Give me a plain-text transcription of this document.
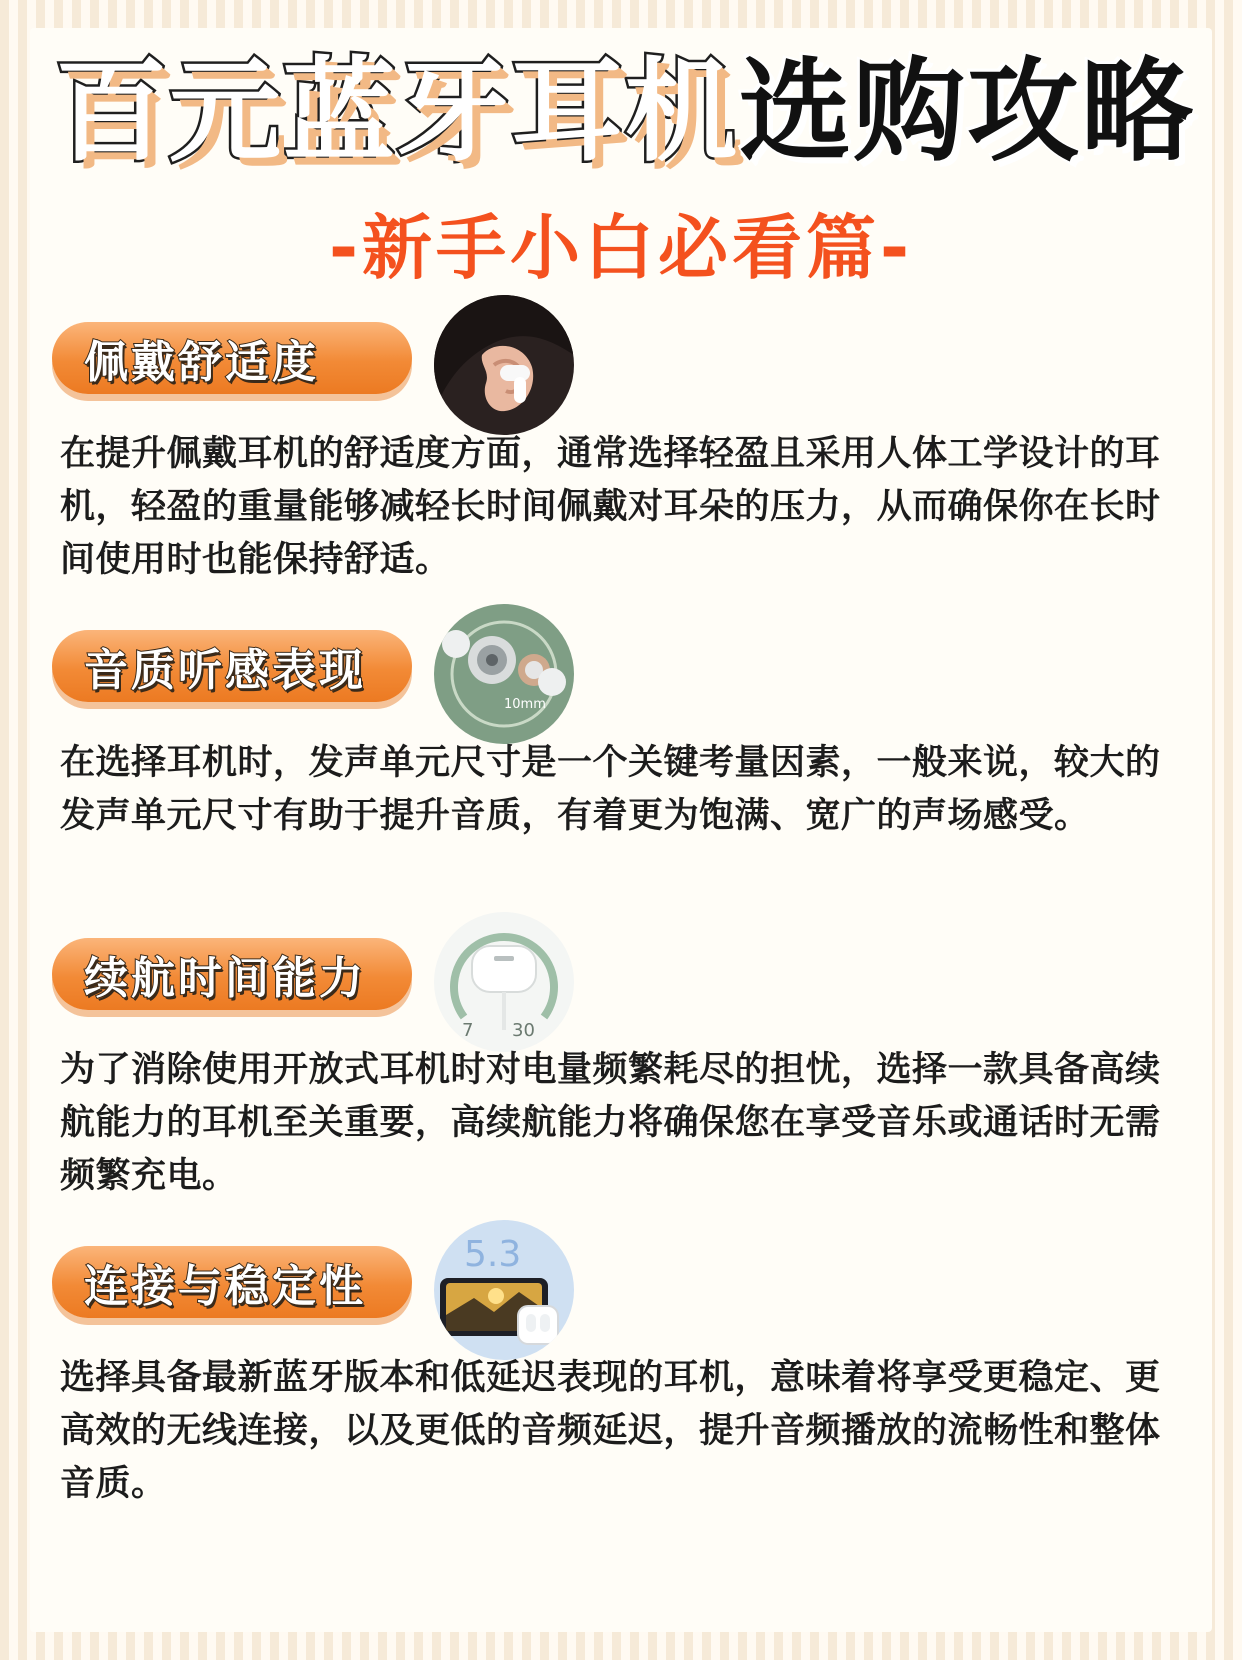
百元蓝牙耳机 选购攻略
-新手小白必看篇-
佩戴舒适度
在提升佩戴耳机的舒适度方面，通常选择轻盈且采用人体工学设计的耳机，轻盈的重量能够减轻长时间佩戴对耳朵的压力，从而确保你在长时间使用时也能保持舒适。
音质听感表现
10mm
在选择耳机时，发声单元尺寸是一个关键考量因素，一般来说，较大的发声单元尺寸有助于提升音质，有着更为饱满、宽广的声场感受。
续航时间能力
7 30
为了消除使用开放式耳机时对电量频繁耗尽的担忧，选择一款具备高续航能力的耳机至关重要，高续航能力将确保您在享受音乐或通话时无需频繁充电。
连接与稳定性
5.3
选择具备最新蓝牙版本和低延迟表现的耳机，意味着将享受更稳定、更高效的无线连接，以及更低的音频延迟，提升音频播放的流畅性和整体音质。
